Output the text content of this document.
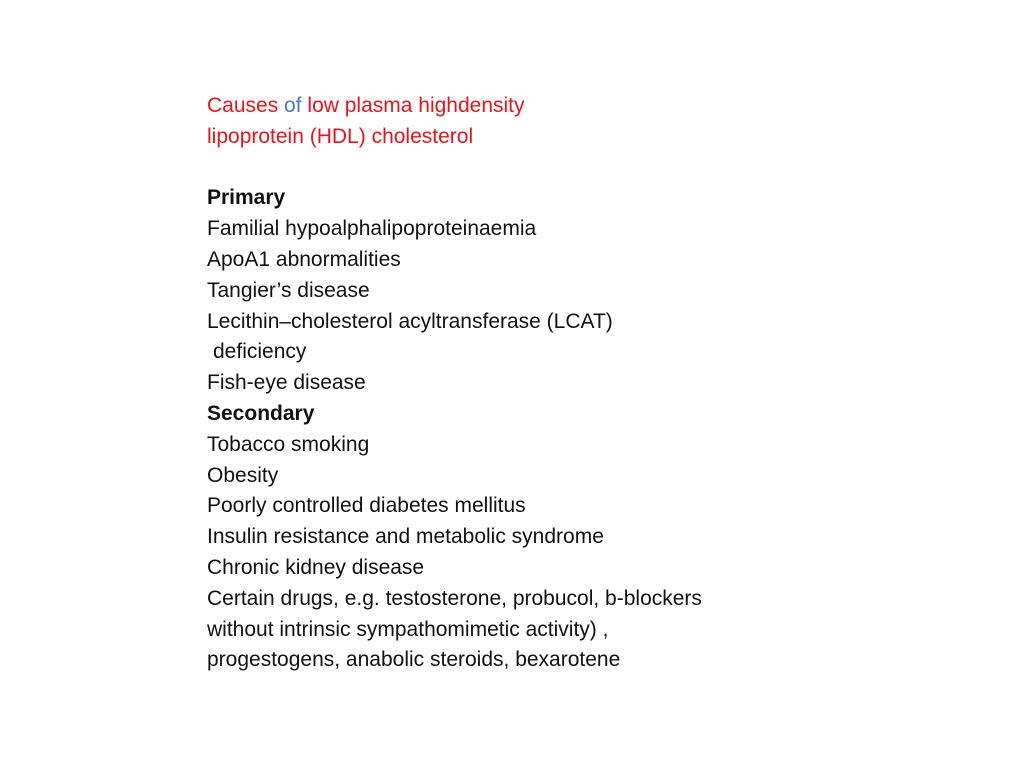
Causes of low plasma highdensity
lipoprotein (HDL) cholesterol

Primary

Familial hypoalphalipoproteinaemia

ApoA1 abnormalities

Tangier’s disease

Lecithin–cholesterol acyltransferase (LCAT)

deficiency

Fish-eye disease

Secondary

Tobacco smoking

Obesity

Poorly controlled diabetes mellitus

Insulin resistance and metabolic syndrome

Chronic kidney disease

Certain drugs, e.g. testosterone, probucol, b-blockers

without intrinsic sympathomimetic activity) ,

progestogens, anabolic steroids, bexarotene
